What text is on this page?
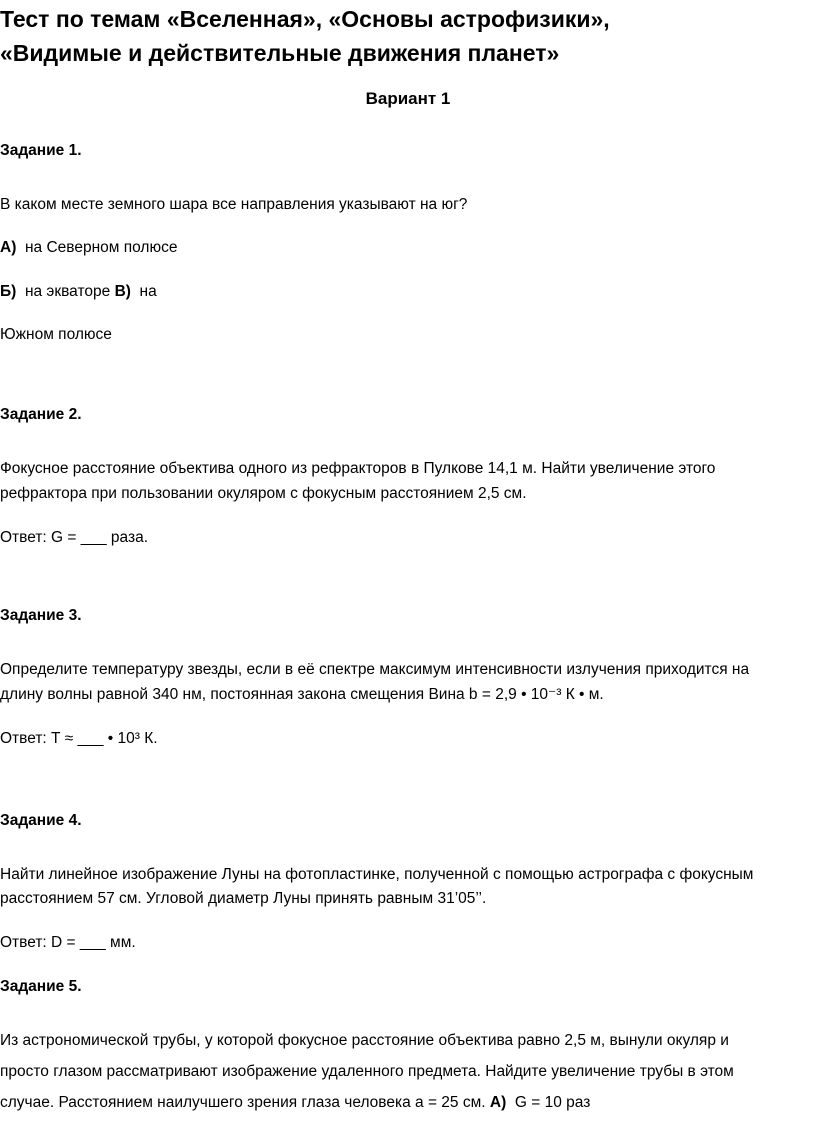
Тест по темам «Вселенная», «Основы астрофизики»,
«Видимые и действительные движения планет»

Вариант 1

Задание 1.

В каком месте земного шара все направления указывают на юг?

А) на Северном полюсе

Б) на экваторе В) на

Южном полюсе

Задание 2.

Фокусное расстояние объектива одного из рефракторов в Пулкове 14,1 м. Найти увеличение этого

рефрактора при пользовании окуляром с фокусным расстоянием 2,5 см.

Ответ: G = ___ раза.

Задание 3.

Определите температуру звезды, если в её спектре максимум интенсивности излучения приходится на

длину волны равной 340 нм, постоянная закона смещения Вина b = 2,9 • 10⁻³ К • м.

Ответ: Т ≈ ___ • 10³ К.

Задание 4.

Найти линейное изображение Луны на фотопластинке, полученной с помощью астрографа с фокусным

расстоянием 57 см. Угловой диаметр Луны принять равным 31’05’’.

Ответ: D = ___ мм.

Задание 5.

Из астрономической трубы, у которой фокусное расстояние объектива равно 2,5 м, вынули окуляр и

просто глазом рассматривают изображение удаленного предмета. Найдите увеличение трубы в этом

случае. Расстоянием наилучшего зрения глаза человека а = 25 см. А) G = 10 раз
